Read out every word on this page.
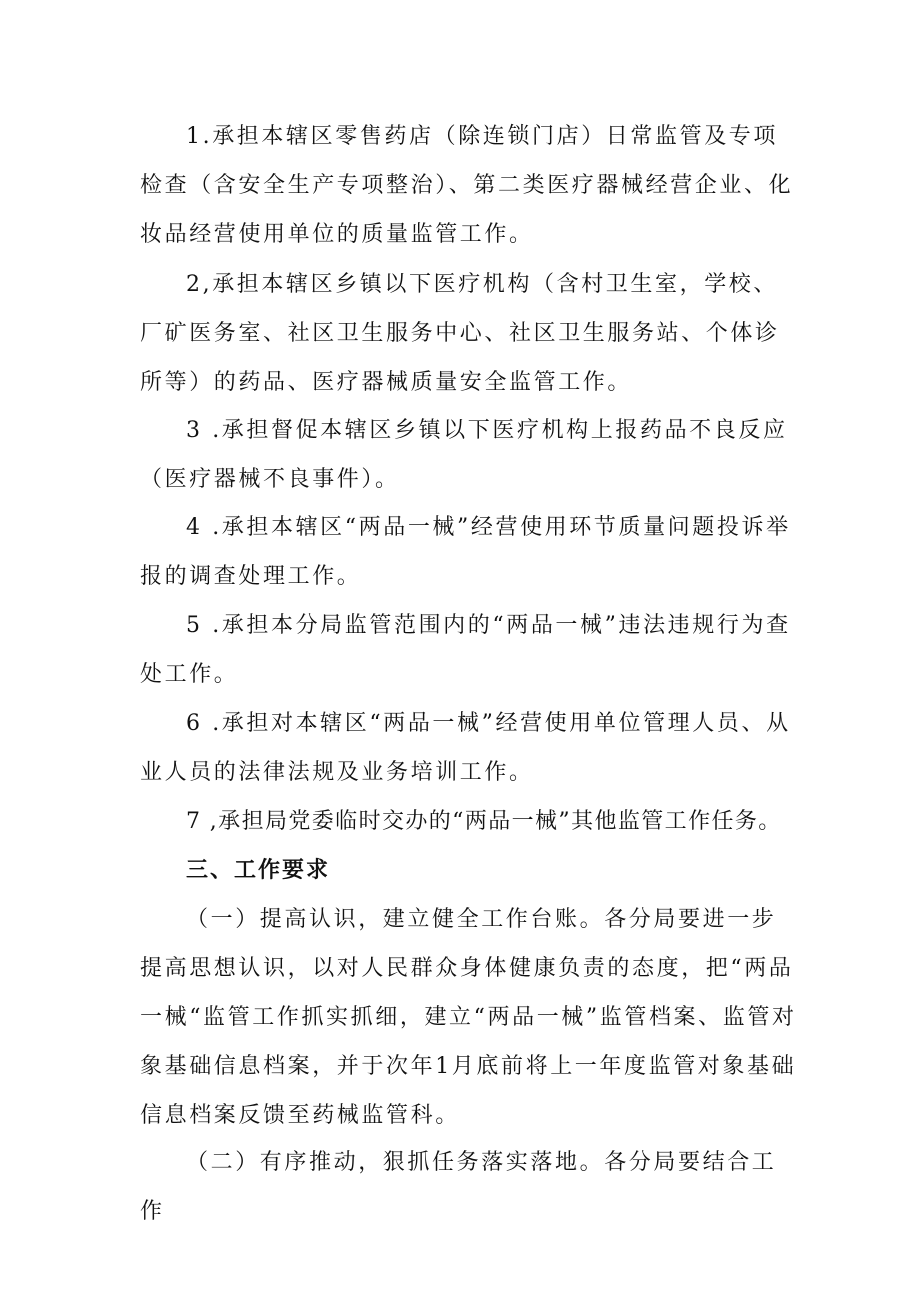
1.承担本辖区零售药店（除连锁门店）日常监管及专项检查（含安全生产专项整治）、第二类医疗器械经营企业、化妆品经营使用单位的质量监管工作。

2,承担本辖区乡镇以下医疗机构（含村卫生室，学校、厂矿医务室、社区卫生服务中心、社区卫生服务站、个体诊所等）的药品、医疗器械质量安全监管工作。

3 .承担督促本辖区乡镇以下医疗机构上报药品不良反应（医疗器械不良事件）。

4 .承担本辖区“两品一械”经营使用环节质量问题投诉举报的调查处理工作。

5 .承担本分局监管范围内的“两品一械”违法违规行为查处工作。

6 .承担对本辖区“两品一械”经营使用单位管理人员、从业人员的法律法规及业务培训工作。

7 ,承担局党委临时交办的“两品一械”其他监管工作任务。

三、工作要求

（一）提高认识，建立健全工作台账。各分局要进一步提高思想认识，以对人民群众身体健康负责的态度，把“两品一械“监管工作抓实抓细，建立“两品一械”监管档案、监管对象基础信息档案，并于次年1月底前将上一年度监管对象基础信息档案反馈至药械监管科。

（二）有序推动，狠抓任务落实落地。各分局要结合工作
